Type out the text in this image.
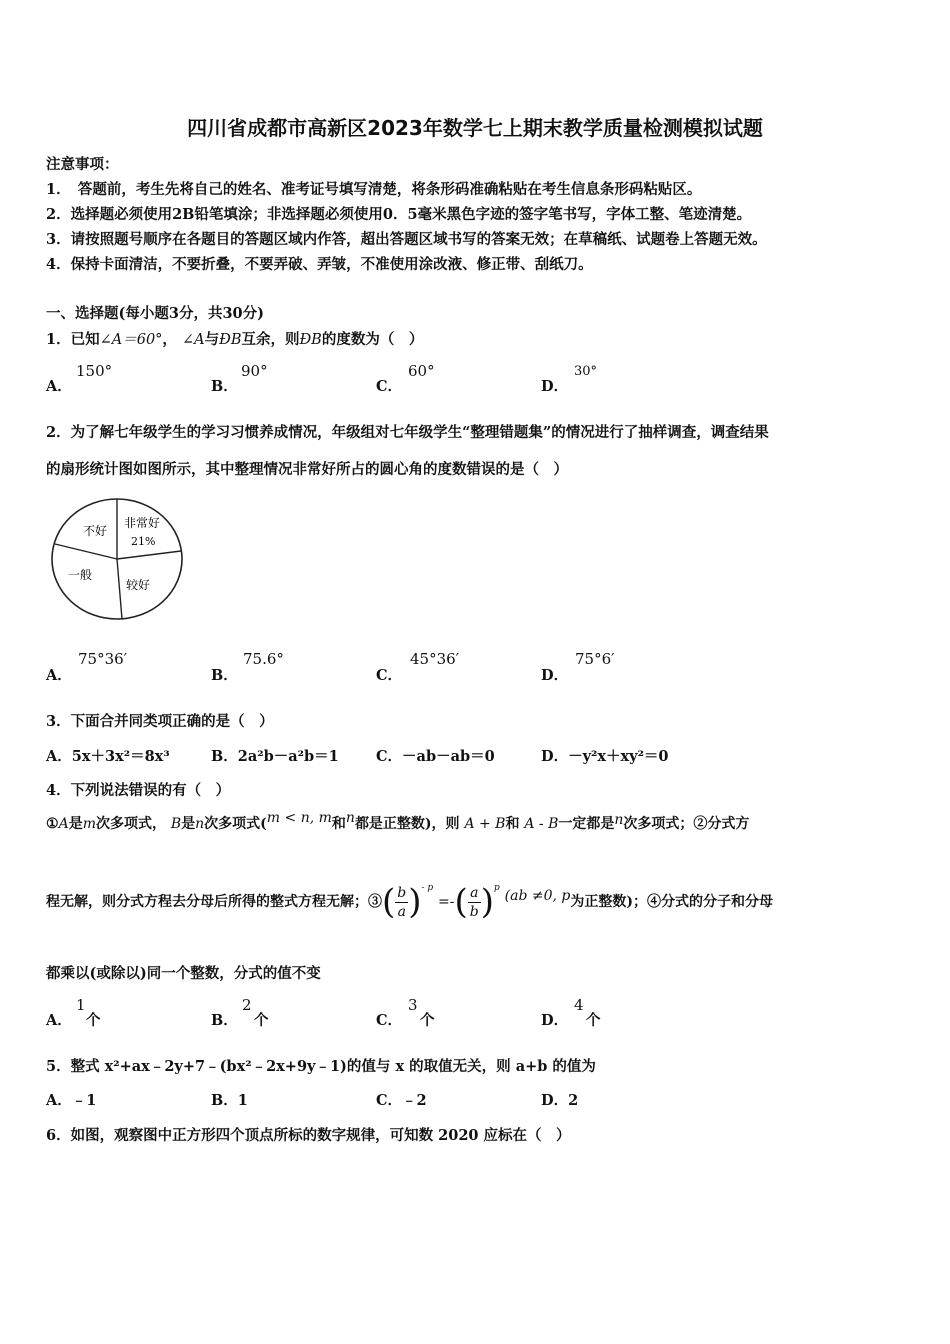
四川省成都市高新区2023年数学七上期末教学质量检测模拟试题
注意事项：
1．　答题前，考生先将自己的姓名、准考证号填写清楚，将条形码准确粘贴在考生信息条形码粘贴区。
2．选择题必须使用2B铅笔填涂；非选择题必须使用0．5毫米黑色字迹的签字笔书写，字体工整、笔迹清楚。
3．请按照题号顺序在各题目的答题区域内作答，超出答题区域书写的答案无效；在草稿纸、试题卷上答题无效。
4．保持卡面清洁，不要折叠，不要弄破、弄皱，不准使用涂改液、修正带、刮纸刀。
一、选择题(每小题3分，共30分)
1．已知∠A＝60°， ∠A与ÐB互余，则ÐB的度数为（　）
A．
150°
B．
90°
C．
60°
D．
30°
2．为了解七年级学生的学习习惯养成情况，年级组对七年级学生“整理错题集”的情况进行了抽样调查，调查结果
的扇形统计图如图所示，其中整理情况非常好所占的圆心角的度数错误的是（　）
不好
非常好
21%
一般
较好
A．
75°36′
B．
75.6°
C．
45°36′
D．
75°6′
3．下面合并同类项正确的是（　）
A．5x＋3x²＝8x³	B．2a²b－a²b＝1	C．－ab－ab＝0	D．－y²x＋xy²＝0
4．下列说法错误的有（　）
①A是m次多项式， B是n次多项式(m < n, m和n都是正整数)，则 A + B和 A - B一定都是n次多项式；②分式方
程无解，则分式方程去分母后所得的整式方程无解；③( $\frac{b}{a} )^{- p}$ =-( $\frac{a}{b} )^p$ (ab ≠0, p为正整数)；④分式的分子和分母
都乘以(或除以)同一个整数，分式的值不变
A．
1
个	B．
2
个	C．
3
个	D．
4
个
5．整式 x²+ax﹣2y+7﹣(bx²﹣2x+9y﹣1)的值与 x 的取值无关，则 a+b 的值为
A．﹣1	B．1	C．﹣2	D．2
6．如图，观察图中正方形四个顶点所标的数字规律，可知数 2020 应标在（　）
